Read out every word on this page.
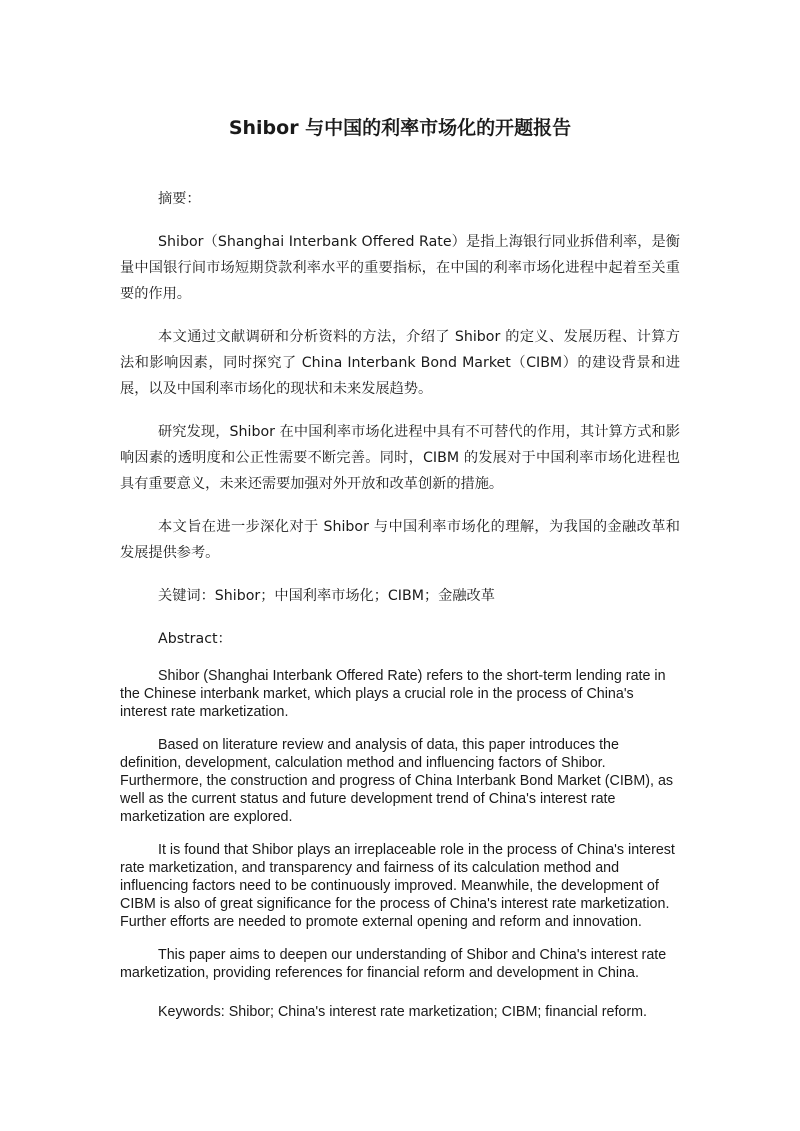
Shibor 与中国的利率市场化的开题报告

摘要：

Shibor（Shanghai Interbank Offered Rate）是指上海银行同业拆借利率，是衡量中国银行间市场短期贷款利率水平的重要指标，在中国的利率市场化进程中起着至关重要的作用。

本文通过文献调研和分析资料的方法，介绍了 Shibor 的定义、发展历程、计算方法和影响因素，同时探究了 China Interbank Bond Market（CIBM）的建设背景和进展，以及中国利率市场化的现状和未来发展趋势。

研究发现，Shibor 在中国利率市场化进程中具有不可替代的作用，其计算方式和影响因素的透明度和公正性需要不断完善。同时，CIBM 的发展对于中国利率市场化进程也具有重要意义，未来还需要加强对外开放和改革创新的措施。

本文旨在进一步深化对于 Shibor 与中国利率市场化的理解，为我国的金融改革和发展提供参考。

关键词：Shibor；中国利率市场化；CIBM；金融改革

Abstract：

Shibor (Shanghai Interbank Offered Rate) refers to the short-term lending rate in the Chinese interbank market, which plays a crucial role in the process of China's interest rate marketization.

Based on literature review and analysis of data, this paper introduces the definition, development, calculation method and influencing factors of Shibor. Furthermore, the construction and progress of China Interbank Bond Market (CIBM), as well as the current status and future development trend of China's interest rate marketization are explored.

It is found that Shibor plays an irreplaceable role in the process of China's interest rate marketization, and transparency and fairness of its calculation method and influencing factors need to be continuously improved. Meanwhile, the development of CIBM is also of great significance for the process of China's interest rate marketization. Further efforts are needed to promote external opening and reform and innovation.

This paper aims to deepen our understanding of Shibor and China's interest rate marketization, providing references for financial reform and development in China.

Keywords: Shibor; China's interest rate marketization; CIBM; financial reform.
